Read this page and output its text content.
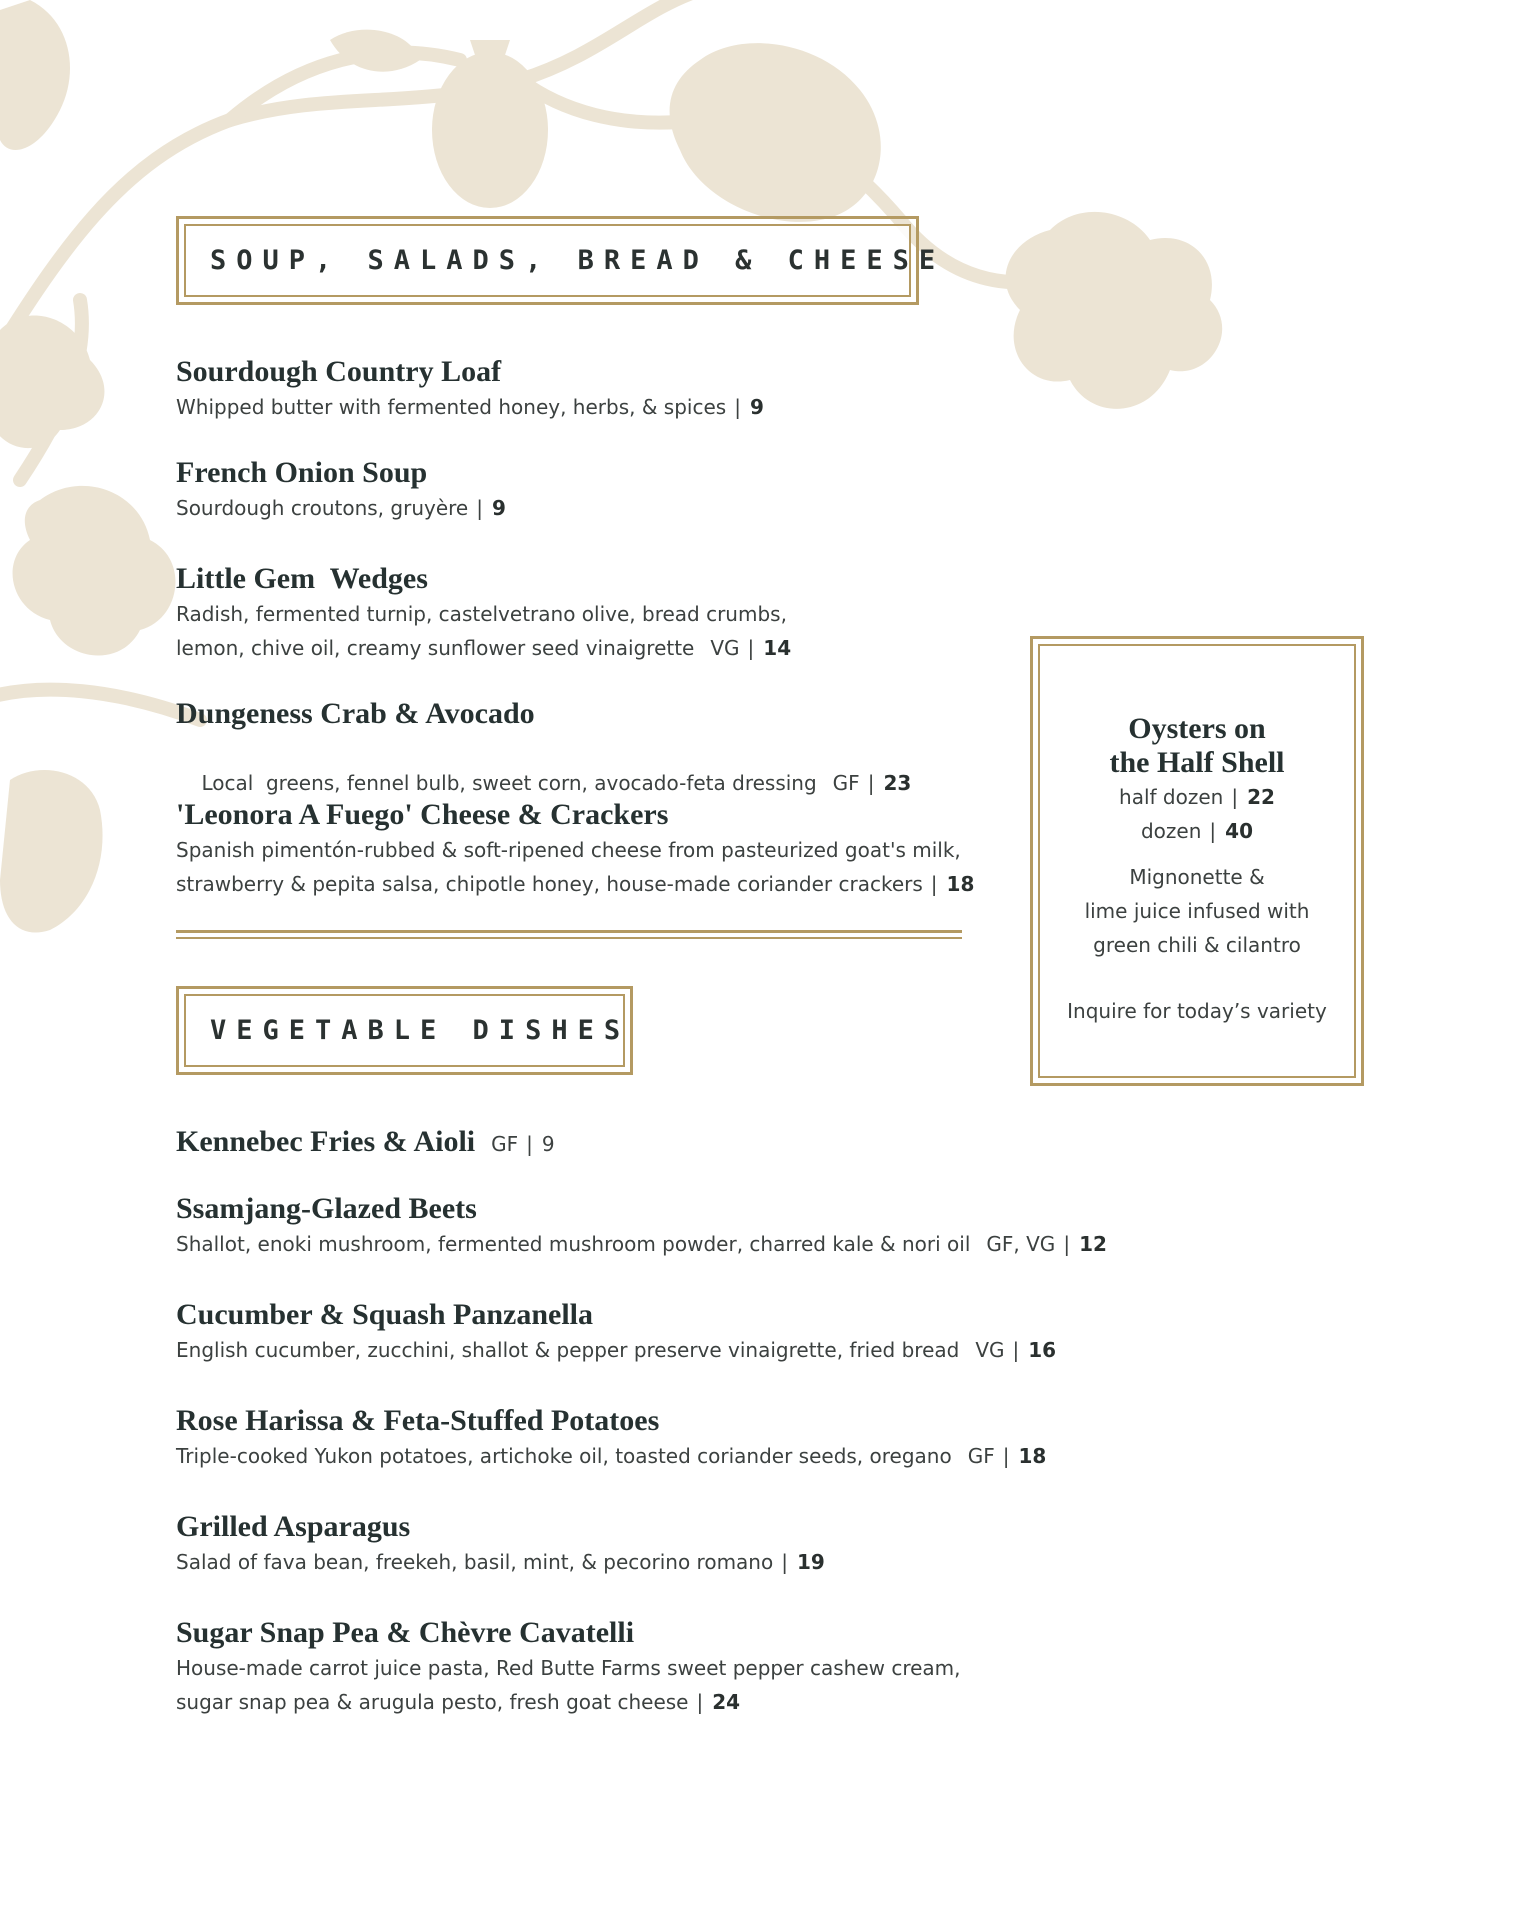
SOUP, SALADS, BREAD & CHEESE
Sourdough Country Loaf
Whipped butter with fermented honey, herbs, & spices | 9
French Onion Soup
Sourdough croutons, gruyère | 9
Little Gem  Wedges
Radish, fermented turnip, castelvetrano olive, bread crumbs,
lemon, chive oil, creamy sunflower seed vinaigrette VG | 14
Dungeness Crab & Avocado

Local  greens, fennel bulb, sweet corn, avocado-feta dressing GF | 23

'Leonora A Fuego' Cheese & Crackers
Spanish pimentón-rubbed & soft-ripened cheese from pasteurized goat's milk,
strawberry & pepita salsa, chipotle honey, house-made coriander crackers | 18
VEGETABLE DISHES
Kennebec Fries & Aioli GF | 9
Ssamjang-Glazed Beets
Shallot, enoki mushroom, fermented mushroom powder, charred kale & nori oil GF, VG | 12
Cucumber & Squash Panzanella
English cucumber, zucchini, shallot & pepper preserve vinaigrette, fried bread VG | 16
Rose Harissa & Feta-Stuffed Potatoes
Triple-cooked Yukon potatoes, artichoke oil, toasted coriander seeds, oregano GF | 18
Grilled Asparagus
Salad of fava bean, freekeh, basil, mint, & pecorino romano | 19
Sugar Snap Pea & Chèvre Cavatelli
House-made carrot juice pasta, Red Butte Farms sweet pepper cashew cream,
sugar snap pea & arugula pesto, fresh goat cheese | 24
Oysters on
the Half Shell
half dozen | 22
dozen | 40
Mignonette &
lime juice infused with
green chili & cilantro
Inquire for today’s variety
